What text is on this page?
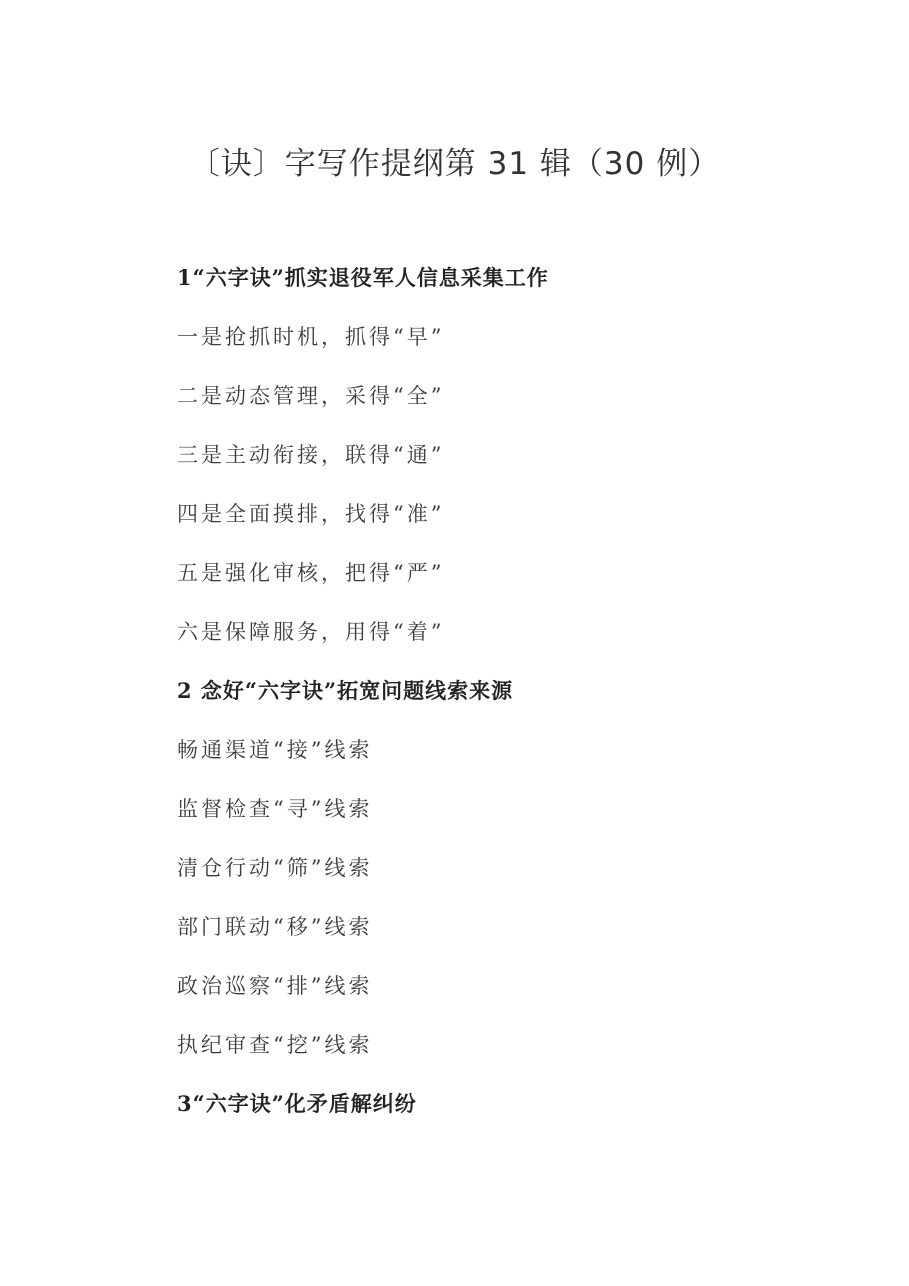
〔诀〕字写作提纲第 31 辑（30 例）
1“六字诀”抓实退役军人信息采集工作
一是抢抓时机，抓得“早”
二是动态管理，采得“全”
三是主动衔接，联得“通”
四是全面摸排，找得“准”
五是强化审核，把得“严”
六是保障服务，用得“着”
2 念好“六字诀”拓宽问题线索来源
畅通渠道“接”线索
监督检查“寻”线索
清仓行动“筛”线索
部门联动“移”线索
政治巡察“排”线索
执纪审查“挖”线索
3“六字诀”化矛盾解纠纷
